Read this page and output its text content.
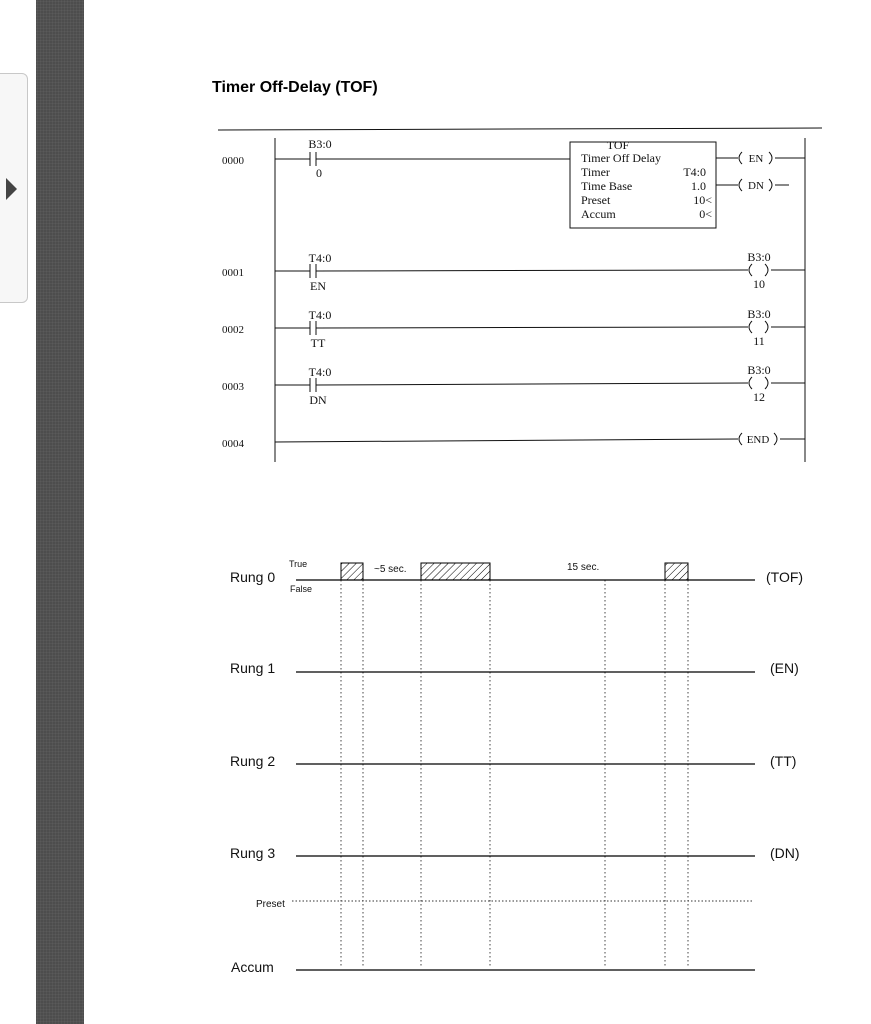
Timer Off-Delay (TOF)
0000
0001
0002
0003
0004
B3:0
0
T4:0
EN
T4:0
TT
T4:0
DN
B3:0
10
B3:0
11
B3:0
12
END
EN
DN
TOF
Timer Off Delay
Timer	T4:0
Time Base	1.0
Preset	10<
Accum	0<
Rung 0
Rung 1
Rung 2
Rung 3
Accum
(TOF)
(EN)
(TT)
(DN)
True
False
Preset
~5 sec.	15 sec.
